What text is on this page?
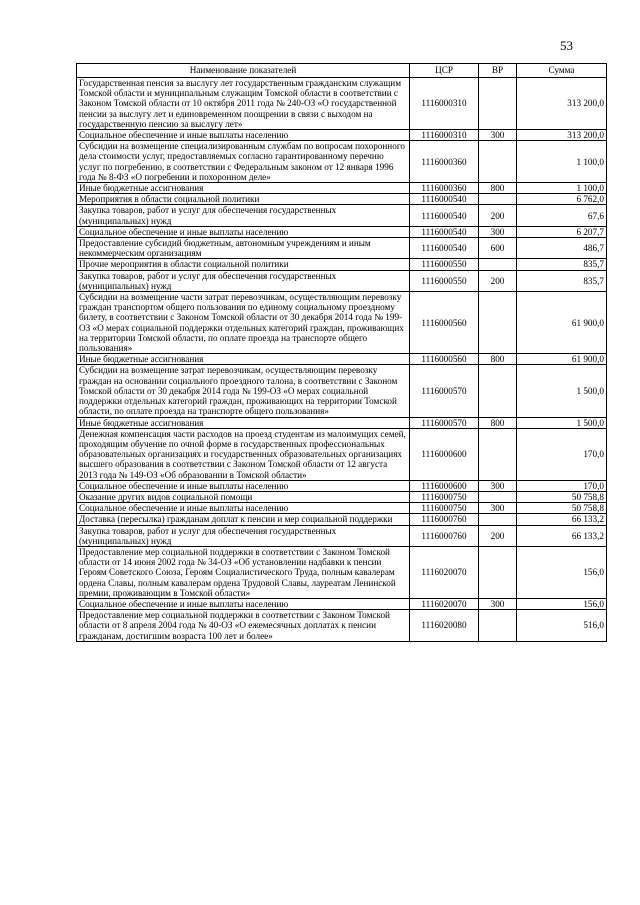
53
Наименование показателей	ЦСР	ВР	Сумма
Государственная пенсия за выслугу лет государственным гражданским служащим Томской области и муниципальным служащим Томской области в соответствии с Законом Томской области от 10 октября 2011 года № 240-ОЗ «О государственной пенсии за выслугу лет и единовременном поощрении в связи с выходом на государственную пенсию за выслугу лет»	1116000310		313 200,0
Социальное обеспечение и иные выплаты населению	1116000310	300	313 200,0
Субсидии на возмещение специализированным службам по вопросам похоронного дела стоимости услуг, предоставляемых согласно гарантированному перечню услуг по погребению, в соответствии с Федеральным законом от 12 января 1996 года № 8-ФЗ «О погребении и похоронном деле»	1116000360		1 100,0
Иные бюджетные ассигнования	1116000360	800	1 100,0
Мероприятия в области социальной политики	1116000540		6 762,0
Закупка товаров, работ и услуг для обеспечения государственных (муниципальных) нужд	1116000540	200	67,6
Социальное обеспечение и иные выплаты населению	1116000540	300	6 207,7
Предоставление субсидий бюджетным, автономным учреждениям и иным некоммерческим организациям	1116000540	600	486,7
Прочие мероприятия в области социальной политики	1116000550		835,7
Закупка товаров, работ и услуг для обеспечения государственных (муниципальных) нужд	1116000550	200	835,7
Субсидии на возмещение части затрат перевозчикам, осуществляющим перевозку граждан транспортом общего пользования по единому социальному проездному билету, в соответствии с Законом Томской области от 30 декабря 2014 года № 199-ОЗ «О мерах социальной поддержки отдельных категорий граждан, проживающих на территории Томской области, по оплате проезда на транспорте общего пользования»	1116000560		61 900,0
Иные бюджетные ассигнования	1116000560	800	61 900,0
Субсидии на возмещение затрат перевозчикам, осуществляющим перевозку граждан на основании социального проездного талона, в соответствии с Законом Томской области от 30 декабря 2014 года № 199-ОЗ «О мерах социальной поддержки отдельных категорий граждан, проживающих на территории Томской области, по оплате проезда на транспорте общего пользования»	1116000570		1 500,0
Иные бюджетные ассигнования	1116000570	800	1 500,0
Денежная компенсация части расходов на проезд студентам из малоимущих семей, проходящим обучение по очной форме в государственных профессиональных образовательных организациях и государственных образовательных организациях высшего образования в соответствии с Законом Томской области от 12 августа 2013 года № 149-ОЗ «Об образовании в Томской области»	1116000600		170,0
Социальное обеспечение и иные выплаты населению	1116000600	300	170,0
Оказание других видов социальной помощи	1116000750		50 758,8
Социальное обеспечение и иные выплаты населению	1116000750	300	50 758,8
Доставка (пересылка) гражданам доплат к пенсии и мер социальной поддержки	1116000760		66 133,2
Закупка товаров, работ и услуг для обеспечения государственных (муниципальных) нужд	1116000760	200	66 133,2
Предоставление мер социальной поддержки в соответствии с Законом Томской области от 14 июня 2002 года № 34-ОЗ «Об установлении надбавки к пенсии Героям Советского Союза, Героям Социалистического Труда, полным кавалерам ордена Славы, полным кавалерам ордена Трудовой Славы, лауреатам Ленинской премии, проживающим в Томской области»	1116020070		156,0
Социальное обеспечение и иные выплаты населению	1116020070	300	156,0
Предоставление мер социальной поддержки в соответствии с Законом Томской области от 8 апреля 2004 года № 40-ОЗ «О ежемесячных доплатах к пенсии гражданам, достигшим возраста 100 лет и более»	1116020080		516,0
